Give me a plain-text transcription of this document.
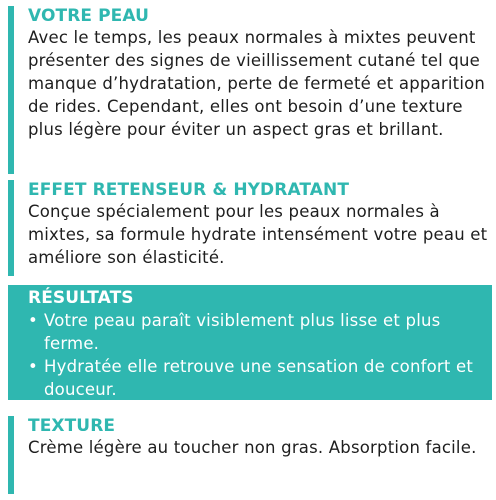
VOTRE PEAU
Avec le temps, les peaux normales à mixtes peuvent présenter des signes de vieillissement cutané tel que manque d’hydratation, perte de fermeté et apparition de rides. Cependant, elles ont besoin d’une texture plus légère pour éviter un aspect gras et brillant.
EFFET RETENSEUR & HYDRATANT
Conçue spécialement pour les peaux normales à mixtes, sa formule hydrate intensément votre peau et améliore son élasticité.
RÉSULTATS
• Votre peau paraît visiblement plus lisse et plus ferme.
• Hydratée elle retrouve une sensation de confort et douceur.
TEXTURE
Crème légère au toucher non gras. Absorption facile.
